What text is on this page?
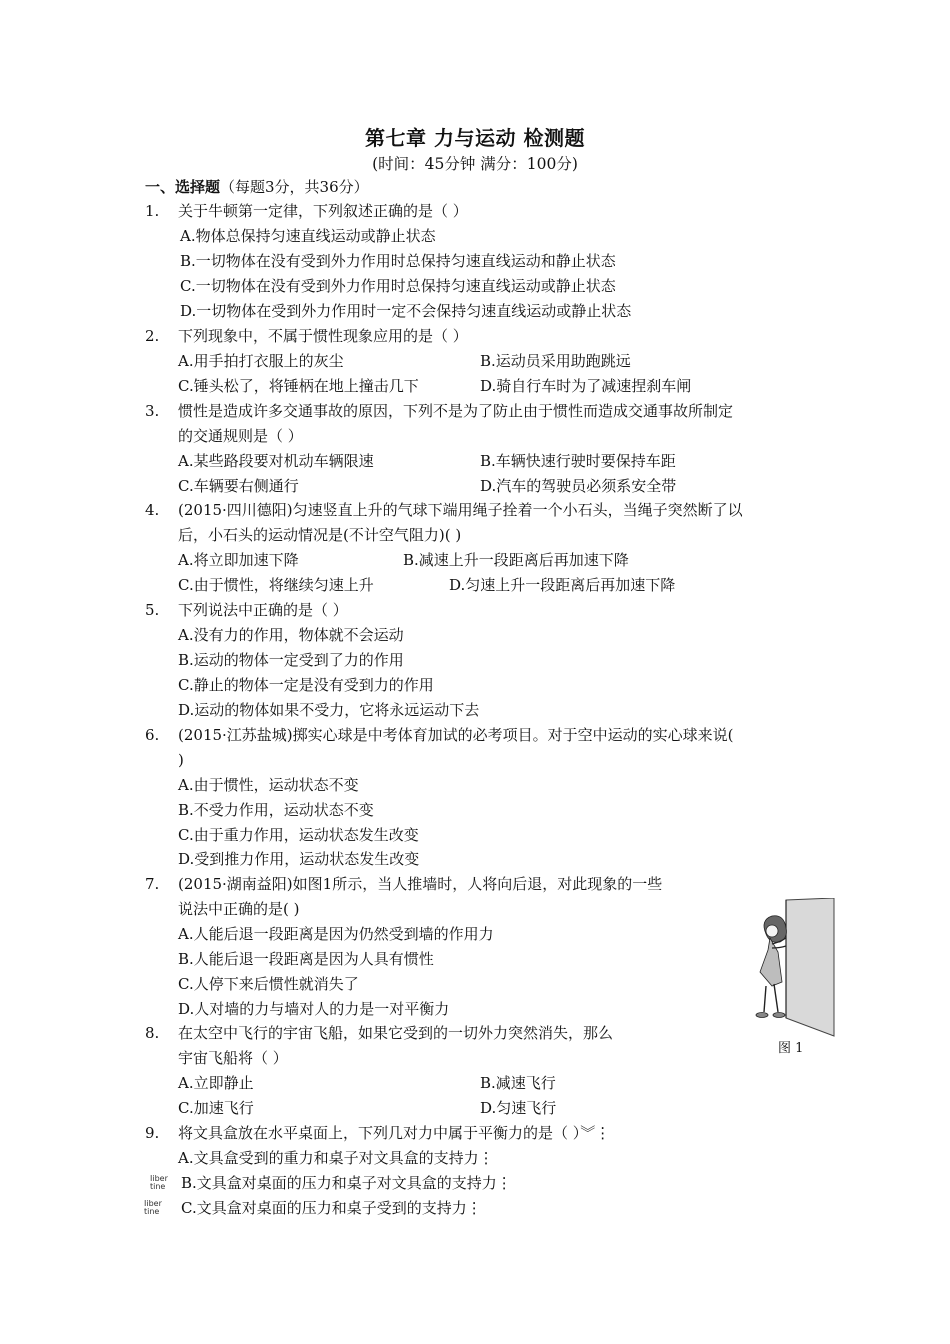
第七章 力与运动 检测题
(时间：45分钟 满分：100分)
一、选择题（每题3分，共36分）
1. 关于牛顿第一定律，下列叙述正确的是（ ）
A.物体总保持匀速直线运动或静止状态
B.一切物体在没有受到外力作用时总保持匀速直线运动和静止状态
C.一切物体在没有受到外力作用时总保持匀速直线运动或静止状态
D.一切物体在受到外力作用时一定不会保持匀速直线运动或静止状态
2. 下列现象中，不属于惯性现象应用的是（ ）
A.用手拍打衣服上的灰尘	B.运动员采用助跑跳远
C.锤头松了，将锤柄在地上撞击几下	D.骑自行车时为了减速捏刹车闸
3. 惯性是造成许多交通事故的原因，下列不是为了防止由于惯性而造成交通事故所制定
的交通规则是（ ）
A.某些路段要对机动车辆限速	B.车辆快速行驶时要保持车距
C.车辆要右侧通行	D.汽车的驾驶员必须系安全带
4. (2015·四川德阳)匀速竖直上升的气球下端用绳子拴着一个小石头，当绳子突然断了以
后，小石头的运动情况是(不计空气阻力)( )
A.将立即加速下降	B.减速上升一段距离后再加速下降
C.由于惯性，将继续匀速上升	D.匀速上升一段距离后再加速下降
5. 下列说法中正确的是（ ）
A.没有力的作用，物体就不会运动
B.运动的物体一定受到了力的作用
C.静止的物体一定是没有受到力的作用
D.运动的物体如果不受力，它将永远运动下去
6. (2015·江苏盐城)掷实心球是中考体育加试的必考项目。对于空中运动的实心球来说(
)
A.由于惯性，运动状态不变
B.不受力作用，运动状态不变
C.由于重力作用，运动状态发生改变
D.受到推力作用，运动状态发生改变
7. (2015·湖南益阳)如图1所示，当人推墙时，人将向后退，对此现象的一些
说法中正确的是( )
A.人能后退一段距离是因为仍然受到墙的作用力
B.人能后退一段距离是因为人具有惯性
C.人停下来后惯性就消失了
D.人对墙的力与墙对人的力是一对平衡力
图 1
8. 在太空中飞行的宇宙飞船，如果它受到的一切外力突然消失，那么
宇宙飞船将（ ）
A.立即静止	B.减速飞行
C.加速飞行	D.匀速飞行
9. 将文具盒放在水平桌面上，下列几对力中属于平衡力的是（ ）︾⋮
A.文具盒受到的重力和桌子对文具盒的支持力⋮
Iiber
tine B.文具盒对桌面的压力和桌子对文具盒的支持力⋮
Iiber
tine C.文具盒对桌面的压力和桌子受到的支持力⋮
